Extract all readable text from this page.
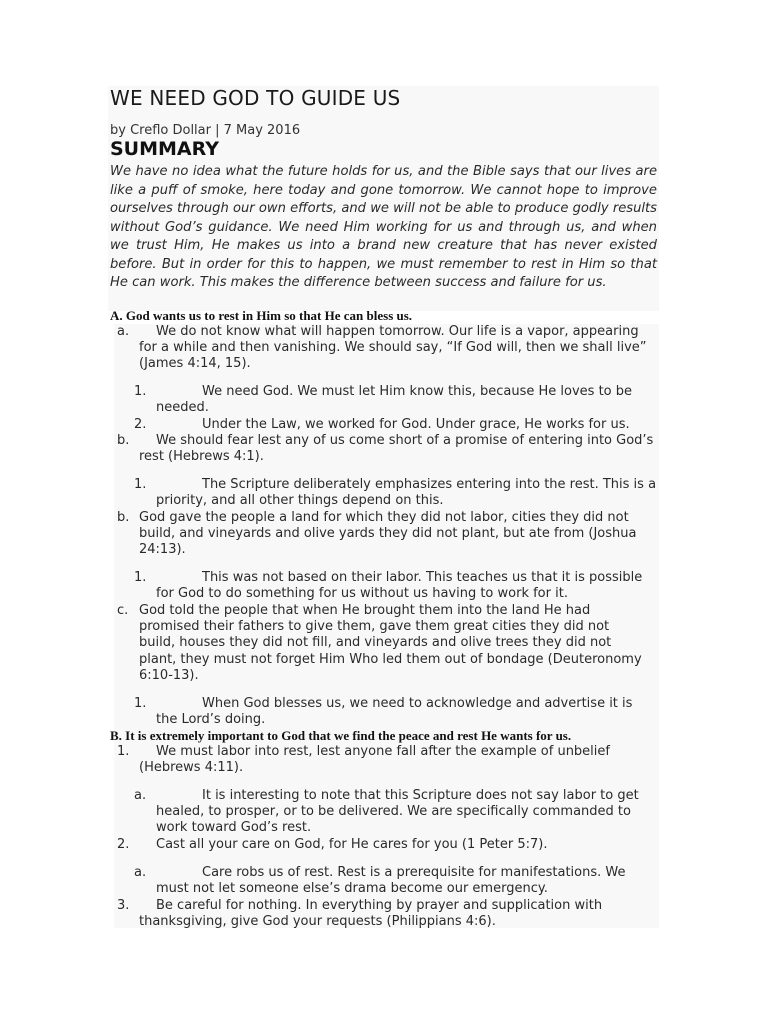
WE NEED GOD TO GUIDE US
by Creflo Dollar | 7 May 2016
SUMMARY
We have no idea what the future holds for us, and the Bible says that our lives are like a puff of smoke, here today and gone tomorrow. We cannot hope to improve ourselves through our own efforts, and we will not be able to produce godly results without God’s guidance. We need Him working for us and through us, and when we trust Him, He makes us into a brand new creature that has never existed before. But in order for this to happen, we must remember to rest in Him so that He can work. This makes the difference between success and failure for us.
A. God wants us to rest in Him so that He can bless us.
a.	We do not know what will happen tomorrow. Our life is a vapor, appearing for a while and then vanishing. We should say, “If God will, then we shall live” (James 4:14, 15).
1.	We need God. We must let Him know this, because He loves to be needed.
2.	Under the Law, we worked for God. Under grace, He works for us.
b.	We should fear lest any of us come short of a promise of entering into God’s rest (Hebrews 4:1).
1.	The Scripture deliberately emphasizes entering into the rest. This is a priority, and all other things depend on this.
b. God gave the people a land for which they did not labor, cities they did not build, and vineyards and olive yards they did not plant, but ate from (Joshua 24:13).
1.	This was not based on their labor. This teaches us that it is possible for God to do something for us without us having to work for it.
c. God told the people that when He brought them into the land He had promised their fathers to give them, gave them great cities they did not build, houses they did not fill, and vineyards and olive trees they did not plant, they must not forget Him Who led them out of bondage (Deuteronomy 6:10-13).
1.	When God blesses us, we need to acknowledge and advertise it is the Lord’s doing.
B. It is extremely important to God that we find the peace and rest He wants for us.
1.	We must labor into rest, lest anyone fall after the example of unbelief (Hebrews 4:11).
a.	It is interesting to note that this Scripture does not say labor to get healed, to prosper, or to be delivered. We are specifically commanded to work toward God’s rest.
2.	Cast all your care on God, for He cares for you (1 Peter 5:7).
a.	Care robs us of rest. Rest is a prerequisite for manifestations. We must not let someone else’s drama become our emergency.
3.	Be careful for nothing. In everything by prayer and supplication with thanksgiving, give God your requests (Philippians 4:6).
